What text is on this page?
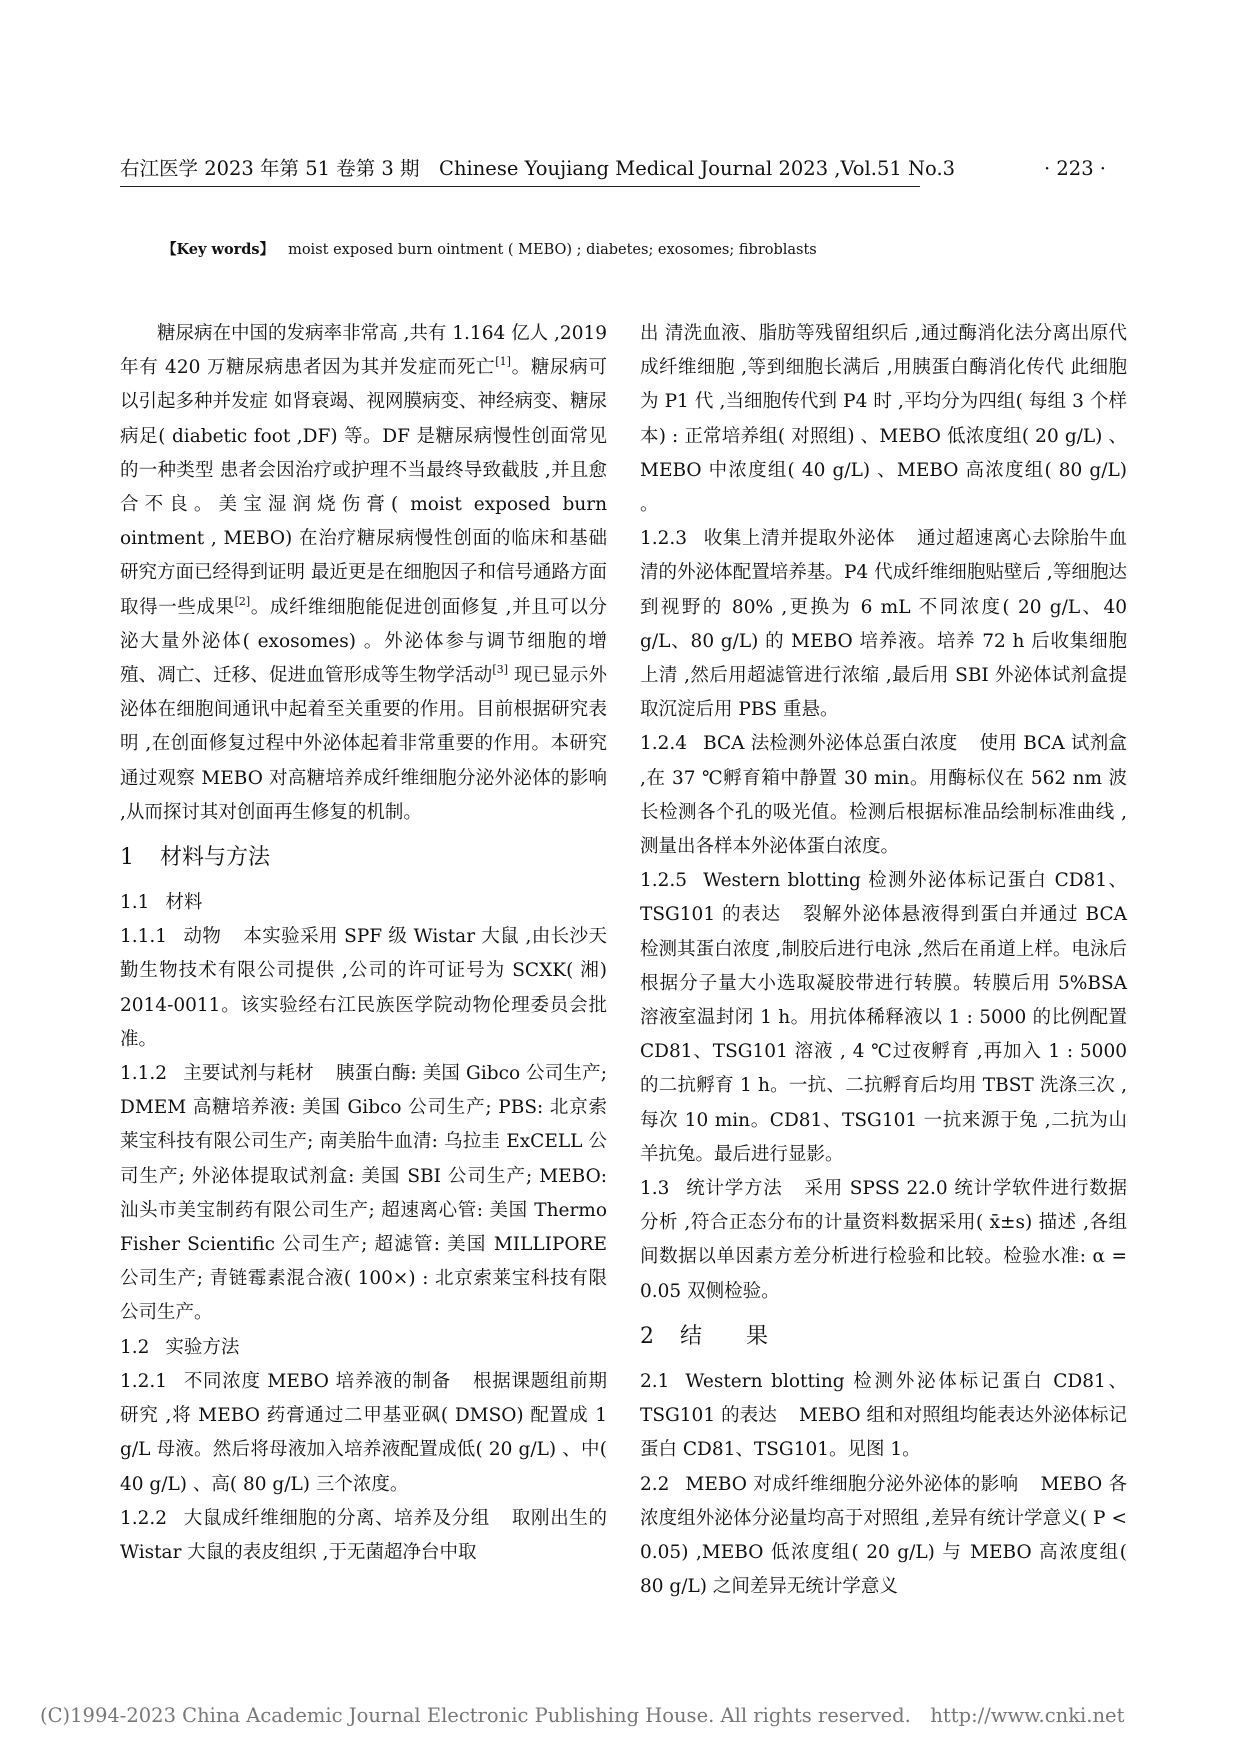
右江医学 2023 年第 51 卷第 3 期　Chinese Youjiang Medical Journal 2023 ,Vol.51 No.3	· 223 ·
【Key words】 moist exposed burn ointment ( MEBO) ; diabetes; exosomes; fibroblasts

糖尿病在中国的发病率非常高 ,共有 1.164 亿人 ,2019 年有 420 万糖尿病患者因为其并发症而死亡[1]。糖尿病可以引起多种并发症 如肾衰竭、视网膜病变、神经病变、糖尿病足( diabetic foot ,DF) 等。DF 是糖尿病慢性创面常见的一种类型 患者会因治疗或护理不当最终导致截肢 ,并且愈合不良。美宝湿润烧伤膏( moist exposed burn ointment , MEBO) 在治疗糖尿病慢性创面的临床和基础研究方面已经得到证明 最近更是在细胞因子和信号通路方面取得一些成果[2]。成纤维细胞能促进创面修复 ,并且可以分泌大量外泌体( exosomes) 。外泌体参与调节细胞的增殖、凋亡、迁移、促进血管形成等生物学活动[3] 现已显示外泌体在细胞间通讯中起着至关重要的作用。目前根据研究表明 ,在创面修复过程中外泌体起着非常重要的作用。本研究通过观察 MEBO 对高糖培养成纤维细胞分泌外泌体的影响 ,从而探讨其对创面再生修复的机制。

1 材料与方法

1.1 材料

1.1.1 动物 本实验采用 SPF 级 Wistar 大鼠 ,由长沙天勤生物技术有限公司提供 ,公司的许可证号为 SCXK( 湘) 2014-0011。该实验经右江民族医学院动物伦理委员会批准。

1.1.2 主要试剂与耗材 胰蛋白酶: 美国 Gibco 公司生产; DMEM 高糖培养液: 美国 Gibco 公司生产; PBS: 北京索莱宝科技有限公司生产; 南美胎牛血清: 乌拉圭 ExCELL 公司生产; 外泌体提取试剂盒: 美国 SBI 公司生产; MEBO: 汕头市美宝制药有限公司生产; 超速离心管: 美国 Thermo Fisher Scientific 公司生产; 超滤管: 美国 MILLIPORE 公司生产; 青链霉素混合液( 100×) : 北京索莱宝科技有限公司生产。

1.2 实验方法

1.2.1 不同浓度 MEBO 培养液的制备 根据课题组前期研究 ,将 MEBO 药膏通过二甲基亚砜( DMSO) 配置成 1 g/L 母液。然后将母液加入培养液配置成低( 20 g/L) 、中( 40 g/L) 、高( 80 g/L) 三个浓度。

1.2.2 大鼠成纤维细胞的分离、培养及分组 取刚出生的 Wistar 大鼠的表皮组织 ,于无菌超净台中取

出 清洗血液、脂肪等残留组织后 ,通过酶消化法分离出原代成纤维细胞 ,等到细胞长满后 ,用胰蛋白酶消化传代 此细胞为 P1 代 ,当细胞传代到 P4 时 ,平均分为四组( 每组 3 个样本) : 正常培养组( 对照组) 、MEBO 低浓度组( 20 g/L) 、MEBO 中浓度组( 40 g/L) 、MEBO 高浓度组( 80 g/L) 。

1.2.3 收集上清并提取外泌体 通过超速离心去除胎牛血清的外泌体配置培养基。P4 代成纤维细胞贴壁后 ,等细胞达到视野的 80% ,更换为 6 mL 不同浓度( 20 g/L、40 g/L、80 g/L) 的 MEBO 培养液。培养 72 h 后收集细胞上清 ,然后用超滤管进行浓缩 ,最后用 SBI 外泌体试剂盒提取沉淀后用 PBS 重悬。

1.2.4 BCA 法检测外泌体总蛋白浓度 使用 BCA 试剂盒 ,在 37 ℃孵育箱中静置 30 min。用酶标仪在 562 nm 波长检测各个孔的吸光值。检测后根据标准品绘制标准曲线 ,测量出各样本外泌体蛋白浓度。

1.2.5 Western blotting 检测外泌体标记蛋白 CD81、TSG101 的表达 裂解外泌体悬液得到蛋白并通过 BCA 检测其蛋白浓度 ,制胶后进行电泳 ,然后在甬道上样。电泳后根据分子量大小选取凝胶带进行转膜。转膜后用 5%BSA 溶液室温封闭 1 h。用抗体稀释液以 1 : 5000 的比例配置 CD81、TSG101 溶液 , 4 ℃过夜孵育 ,再加入 1 : 5000 的二抗孵育 1 h。一抗、二抗孵育后均用 TBST 洗涤三次 ,每次 10 min。CD81、TSG101 一抗来源于兔 ,二抗为山羊抗兔。最后进行显影。

1.3 统计学方法 采用 SPSS 22.0 统计学软件进行数据分析 ,符合正态分布的计量资料数据采用( x̄±s) 描述 ,各组间数据以单因素方差分析进行检验和比较。检验水准: α = 0.05 双侧检验。

2 结　　果

2.1 Western blotting 检测外泌体标记蛋白 CD81、TSG101 的表达 MEBO 组和对照组均能表达外泌体标记蛋白 CD81、TSG101。见图 1。

2.2 MEBO 对成纤维细胞分泌外泌体的影响 MEBO 各浓度组外泌体分泌量均高于对照组 ,差异有统计学意义( P < 0.05) ,MEBO 低浓度组( 20 g/L) 与 MEBO 高浓度组( 80 g/L) 之间差异无统计学意义

(C)1994-2023 China Academic Journal Electronic Publishing House. All rights reserved.　http://www.cnki.net
